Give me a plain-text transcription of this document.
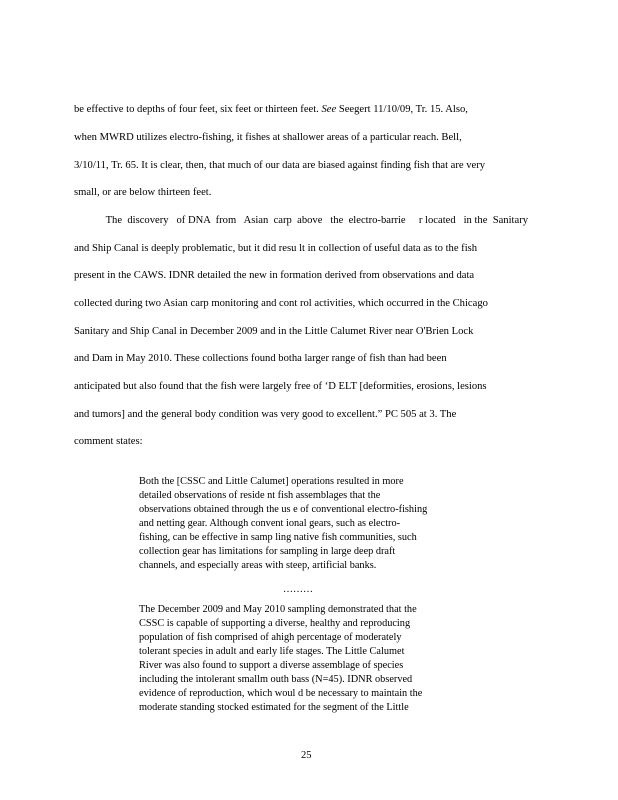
be effective to depths of four feet, six feet or thirteen feet. See Seegert 11/10/09, Tr. 15. Also,
when MWRD utilizes electro-fishing, it fishes at shallower areas of a particular reach. Bell,
3/10/11, Tr. 65. It is clear, then, that much of our data are biased against finding fish that are very
small, or are below thirteen feet.
The  discovery   of DNA  from   Asian  carp  above   the  electro-barrie     r located   in the  Sanitary
and Ship Canal is deeply problematic, but it did resu lt in collection of useful data as to the fish
present in the CAWS. IDNR detailed the new in formation derived from observations and data
collected during two Asian carp monitoring and cont rol activities, which occurred in the Chicago
Sanitary and Ship Canal in December 2009 and in the Little Calumet River near O'Brien Lock
and Dam in May 2010. These collections found botha larger range of fish than had been
anticipated but also found that the fish were largely free of ‘D ELT [deformities, erosions, lesions
and tumors] and the general body condition was very good to excellent.” PC 505 at 3. The
comment states:
Both the [CSSC and Little Calumet] operations resulted in more
detailed observations of reside nt fish assemblages that the
observations obtained through the us e of conventional electro-fishing
and netting gear. Although convent ional gears, such as electro-
fishing, can be effective in samp ling native fish communities, such
collection gear has limitations for sampling in large deep draft
channels, and especially areas with steep, artificial banks.
………
The December 2009 and May 2010 sampling demonstrated that the
CSSC is capable of supporting a diverse, healthy and reproducing
population of fish comprised of ahigh percentage of moderately
tolerant species in adult and early life stages. The Little Calumet
River was also found to support a diverse assemblage of species
including the intolerant smallm outh bass (N=45). IDNR observed
evidence of reproduction, which woul d be necessary to maintain the
moderate standing stocked estimated for the segment of the Little
25
